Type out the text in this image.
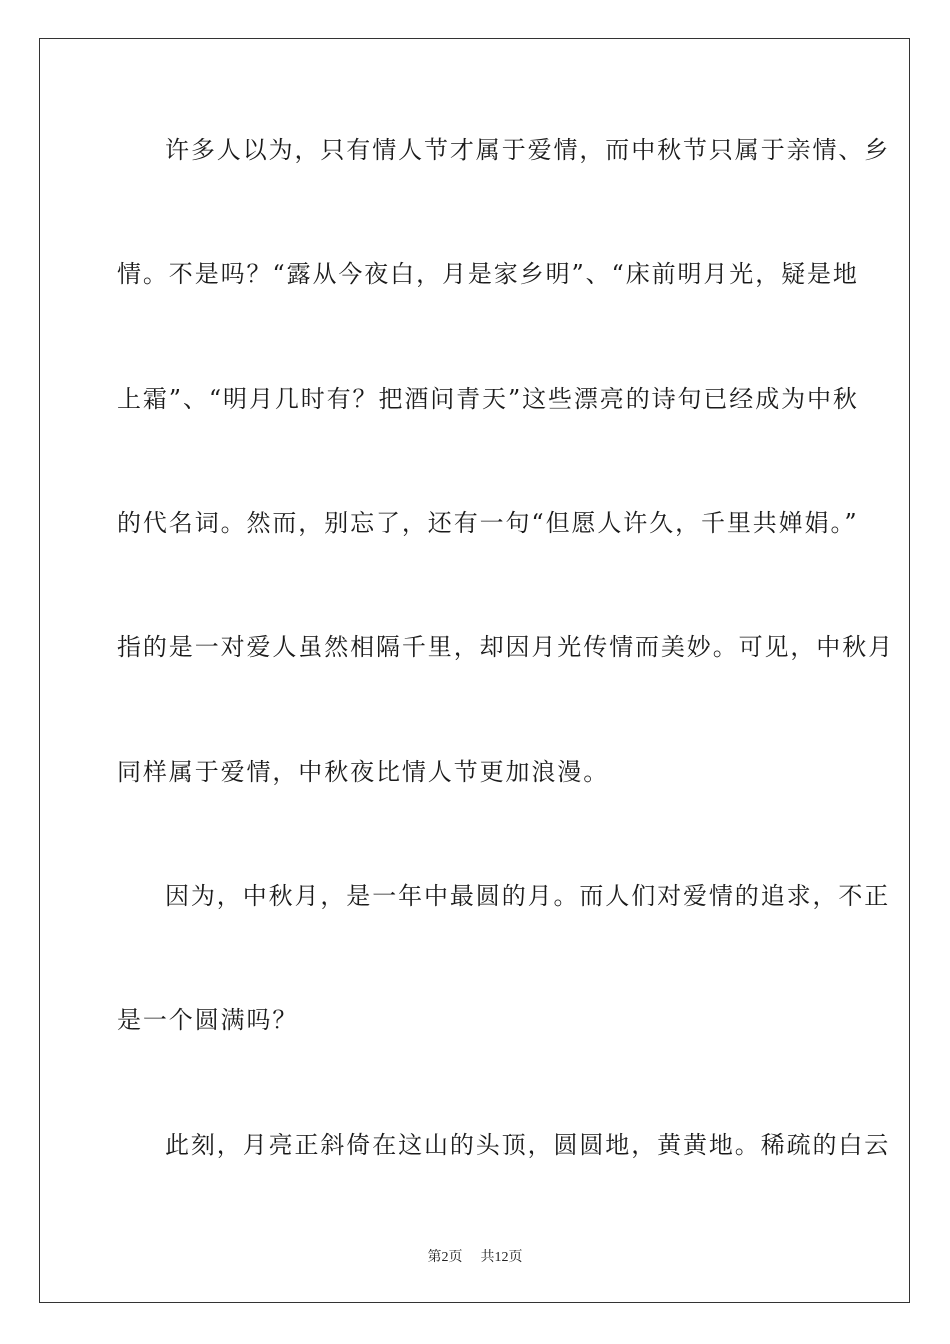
许多人以为，只有情人节才属于爱情，而中秋节只属于亲情、乡
情。不是吗？“露从今夜白，月是家乡明”、“床前明月光，疑是地
上霜”、“明月几时有？把酒问青天”这些漂亮的诗句已经成为中秋
的代名词。然而，别忘了，还有一句“但愿人许久，千里共婵娟。”
指的是一对爱人虽然相隔千里，却因月光传情而美妙。可见，中秋月
同样属于爱情，中秋夜比情人节更加浪漫。
因为，中秋月，是一年中最圆的月。而人们对爱情的追求，不正
是一个圆满吗？
此刻，月亮正斜倚在这山的头顶，圆圆地，黄黄地。稀疏的白云
第2页 共12页
